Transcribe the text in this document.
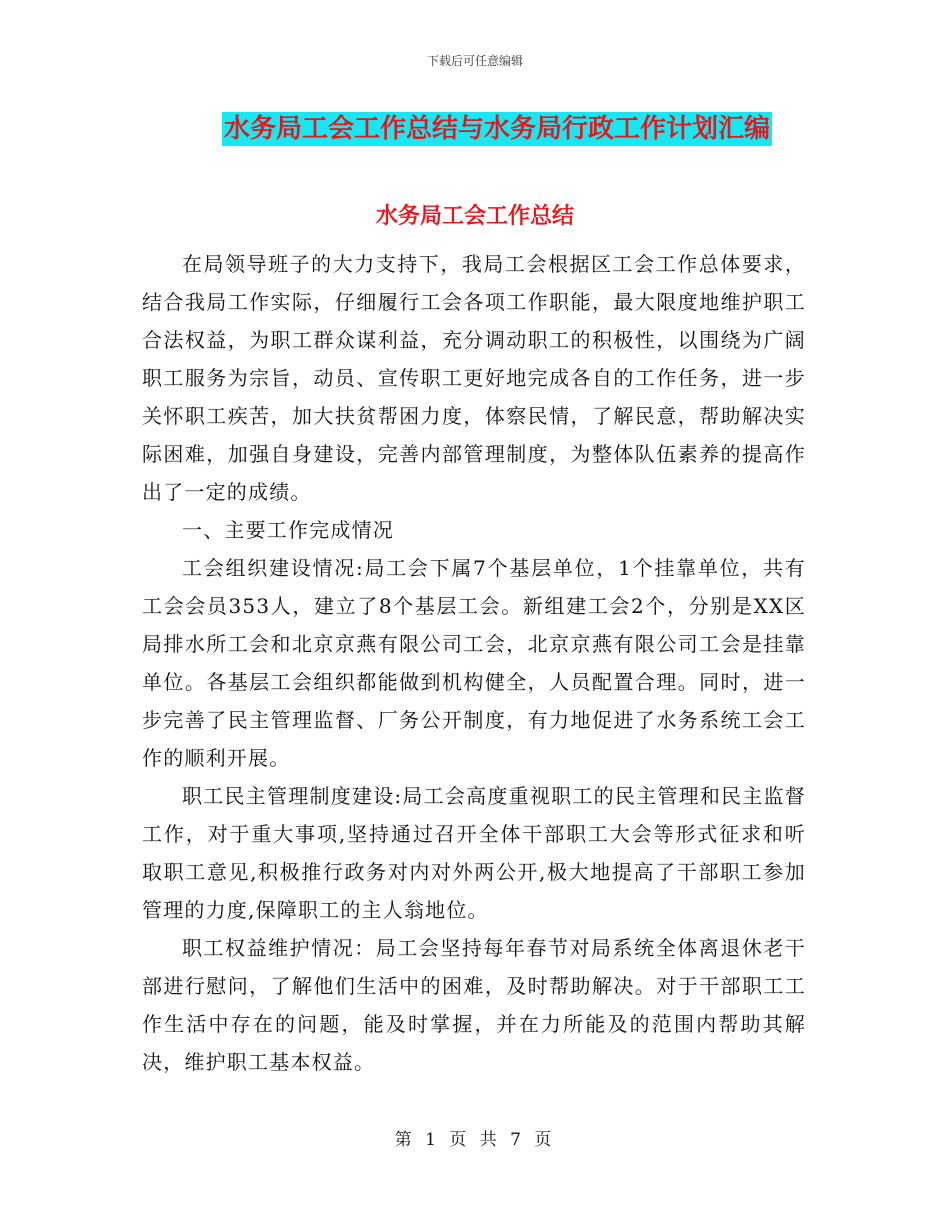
下载后可任意编辑
水务局工会工作总结与水务局行政工作计划汇编
水务局工会工作总结

在局领导班子的大力支持下，我局工会根据区工会工作总体要求，结合我局工作实际，仔细履行工会各项工作职能，最大限度地维护职工合法权益，为职工群众谋利益，充分调动职工的积极性，以围绕为广阔职工服务为宗旨，动员、宣传职工更好地完成各自的工作任务，进一步关怀职工疾苦，加大扶贫帮困力度，体察民情，了解民意，帮助解决实际困难，加强自身建设，完善内部管理制度，为整体队伍素养的提高作出了一定的成绩。

一、主要工作完成情况

工会组织建设情况:局工会下属7个基层单位，1个挂靠单位，共有工会会员353人，建立了8个基层工会。新组建工会2个，分别是XX区局排水所工会和北京京燕有限公司工会，北京京燕有限公司工会是挂靠单位。各基层工会组织都能做到机构健全，人员配置合理。同时，进一步完善了民主管理监督、厂务公开制度，有力地促进了水务系统工会工作的顺利开展。

职工民主管理制度建设:局工会高度重视职工的民主管理和民主监督工作，对于重大事项,坚持通过召开全体干部职工大会等形式征求和听取职工意见,积极推行政务对内对外两公开,极大地提高了干部职工参加管理的力度,保障职工的主人翁地位。

职工权益维护情况：局工会坚持每年春节对局系统全体离退休老干部进行慰问，了解他们生活中的困难，及时帮助解决。对于干部职工工作生活中存在的问题，能及时掌握，并在力所能及的范围内帮助其解决，维护职工基本权益。

第 1 页 共 7 页
